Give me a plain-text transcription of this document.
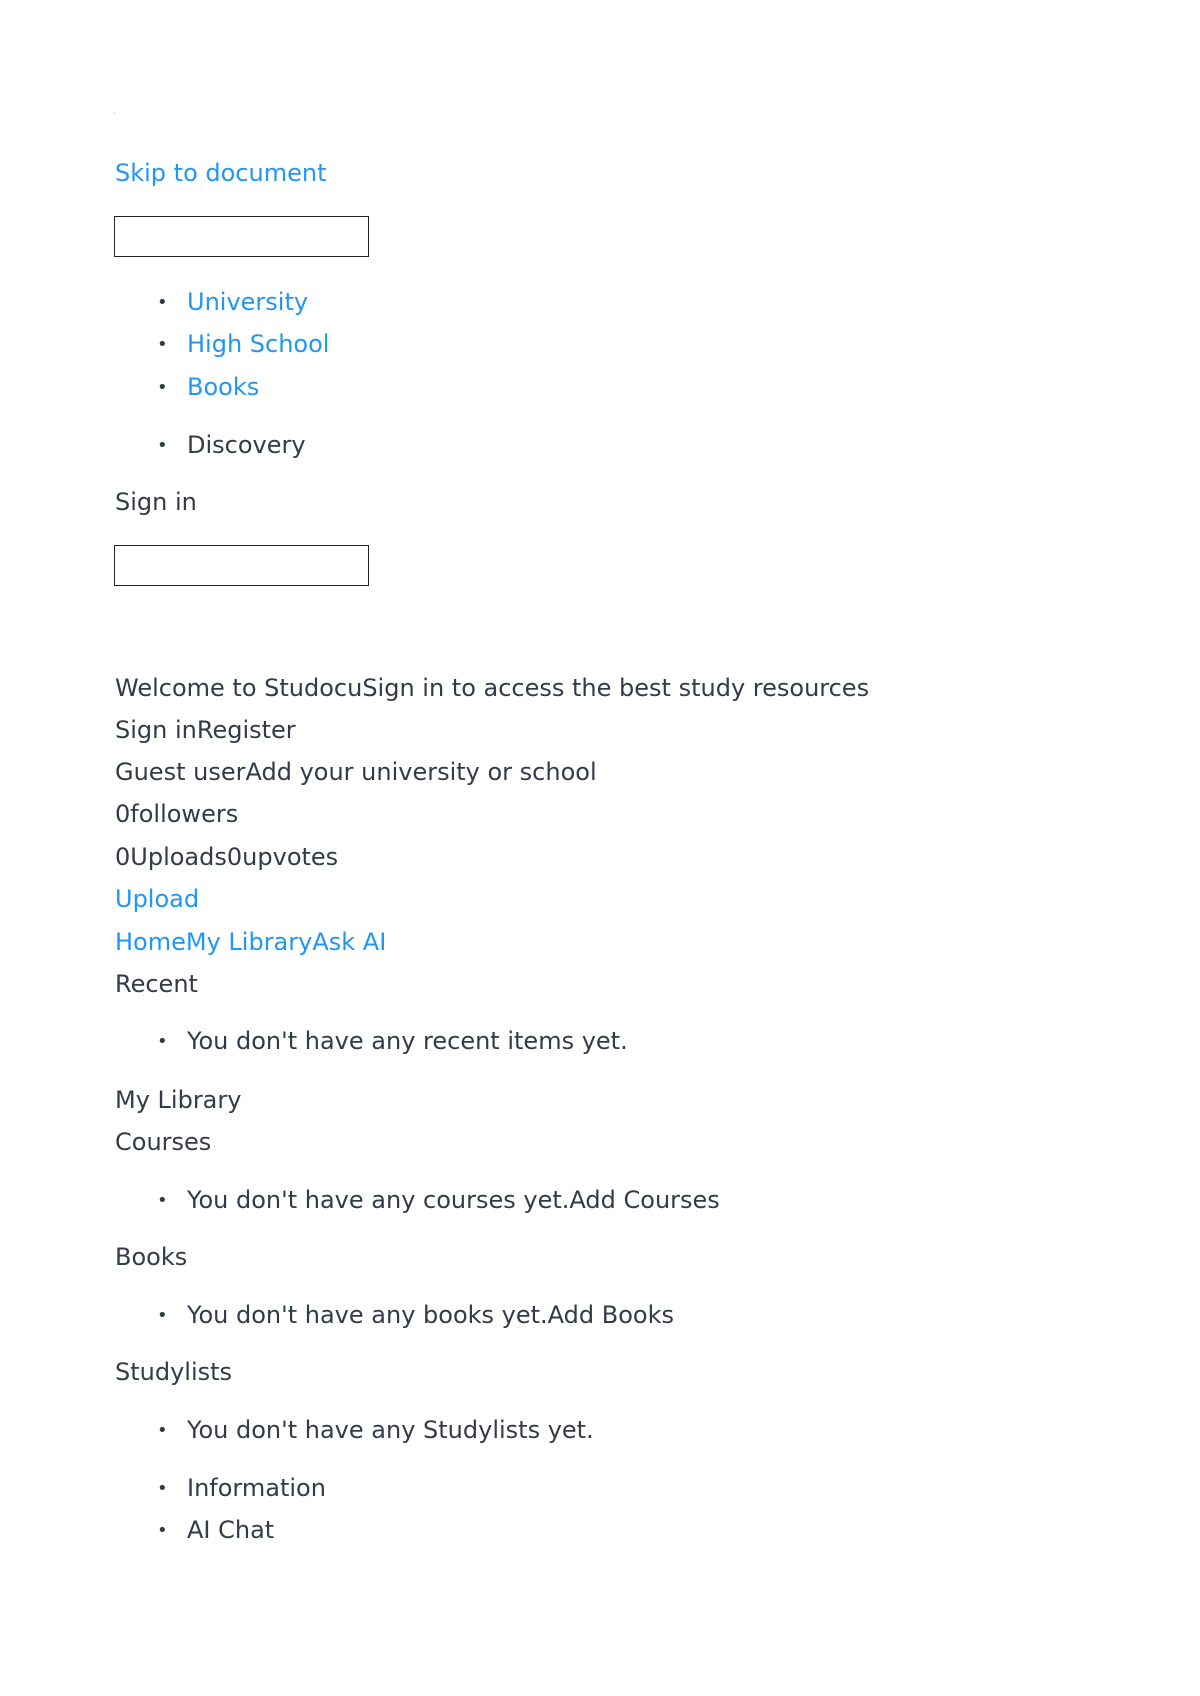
Skip to document
• University
• High School
• Books
• Discovery
Sign in
Welcome to StudocuSign in to access the best study resources
Sign inRegister
Guest userAdd your university or school
0followers
0Uploads0upvotes
Upload
HomeMy LibraryAsk AI
Recent
• You don't have any recent items yet.
My Library
Courses
• You don't have any courses yet.Add Courses
Books
• You don't have any books yet.Add Books
Studylists
• You don't have any Studylists yet.
• Information
• AI Chat
